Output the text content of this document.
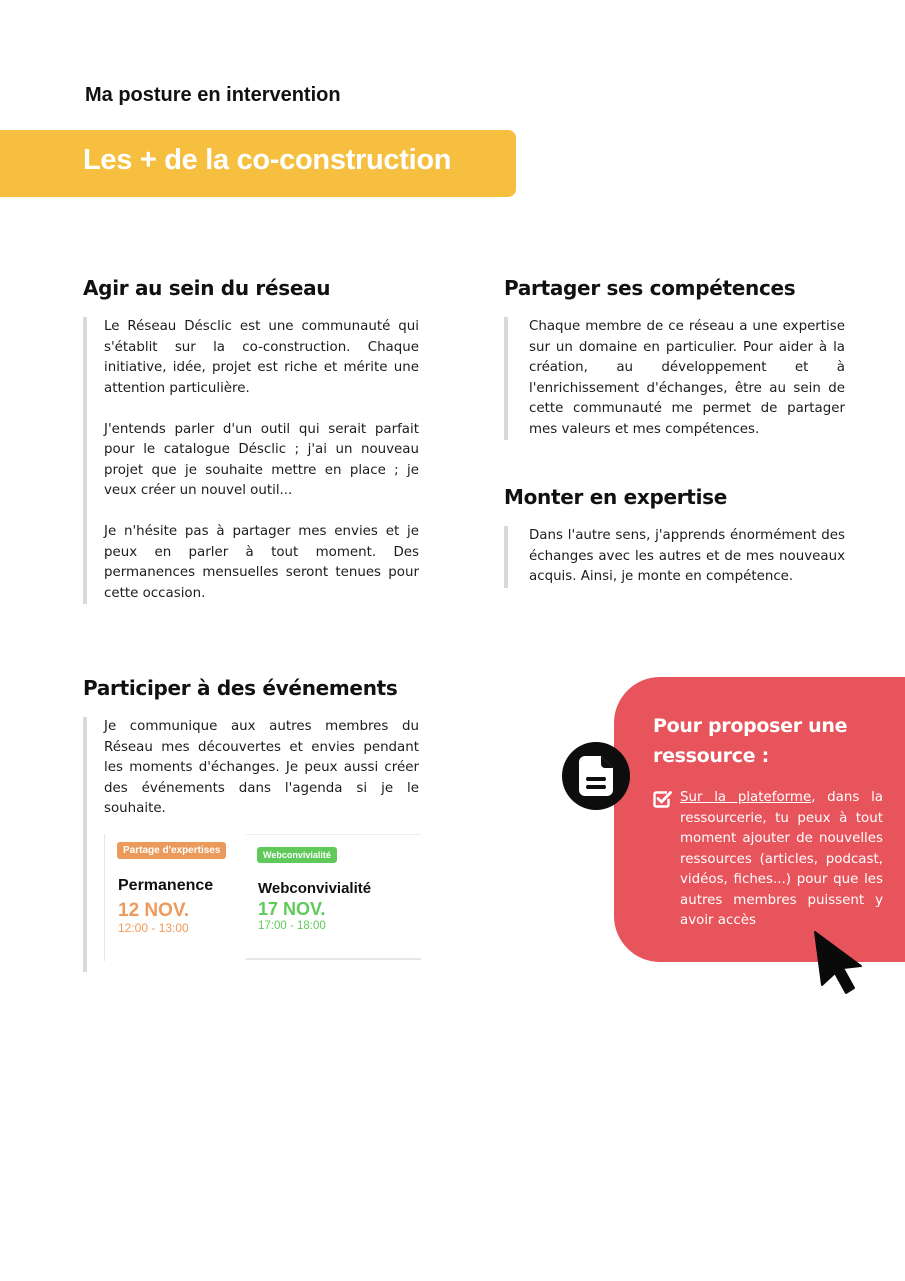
Ma posture en intervention
Les + de la co-construction
Agir au sein du réseau

Le Réseau Désclic est une communauté qui s'établit sur la co-construction. Chaque initiative, idée, projet est riche et mérite une attention particulière.

J'entends parler d'un outil qui serait parfait pour le catalogue Désclic ; j'ai un nouveau projet que je souhaite mettre en place ; je veux créer un nouvel outil...

Je n'hésite pas à partager mes envies et je peux en parler à tout moment. Des permanences mensuelles seront tenues pour cette occasion.

Partager ses compétences

Chaque membre de ce réseau a une expertise sur un domaine en particulier. Pour aider à la création, au développement et à l'enrichissement d'échanges, être au sein de cette communauté me permet de partager mes valeurs et mes compétences.

Monter en expertise

Dans l'autre sens, j'apprends énormément des échanges avec les autres et de mes nouveaux acquis. Ainsi, je monte en compétence.

Participer à des événements

Je communique aux autres membres du Réseau mes découvertes et envies pendant les moments d'échanges. Je peux aussi créer des événements dans l'agenda si je le souhaite.

Partage d'expertises
Permanence
12 NOV.
12:00 - 13:00
Webconvivialité
Webconvivialité
17 NOV.
17:00 - 18:00
Pour proposer une ressource :

Sur la plateforme, dans la ressourcerie, tu peux à tout moment ajouter de nouvelles ressources (articles, podcast, vidéos, fiches...) pour que les autres membres puissent y avoir accès
